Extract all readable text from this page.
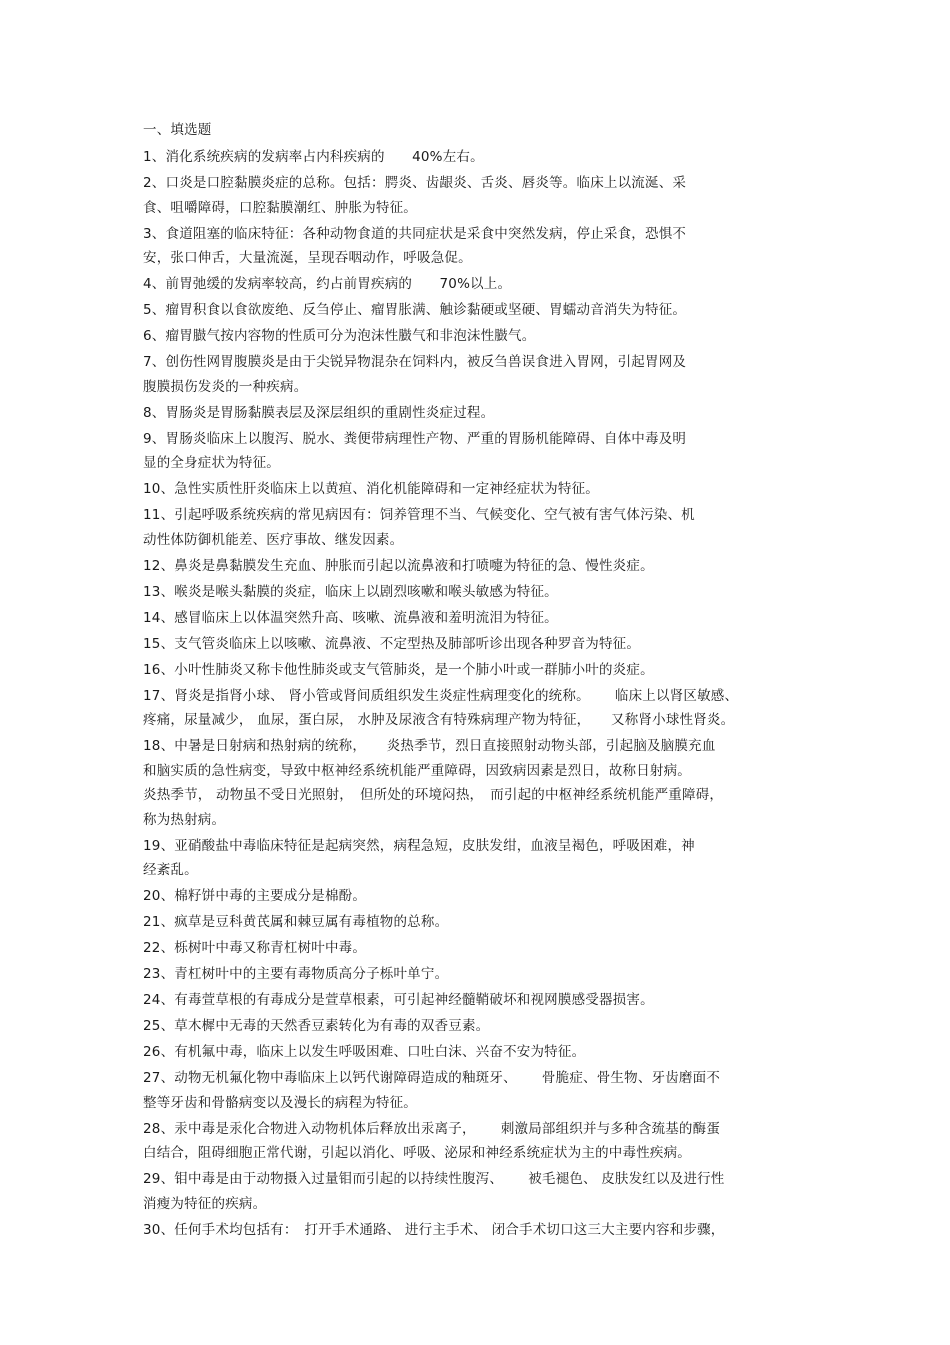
一、填选题
1、消化系统疾病的发病率占内科疾病的　　40%左右。
2、口炎是口腔黏膜炎症的总称。包括：腭炎、齿龈炎、舌炎、唇炎等。临床上以流涎、采
食、咀嚼障碍，口腔黏膜潮红、肿胀为特征。
3、食道阻塞的临床特征：各种动物食道的共同症状是采食中突然发病，停止采食，恐惧不
安，张口伸舌，大量流涎，呈现吞咽动作，呼吸急促。
4、前胃弛缓的发病率较高，约占前胃疾病的　　70%以上。
5、瘤胃积食以食欲废绝、反刍停止、瘤胃胀满、触诊黏硬或坚硬、胃蠕动音消失为特征。
6、瘤胃臌气按内容物的性质可分为泡沫性臌气和非泡沫性臌气。
7、创伤性网胃腹膜炎是由于尖锐异物混杂在饲料内，被反刍兽误食进入胃网，引起胃网及
腹膜损伤发炎的一种疾病。
8、胃肠炎是胃肠黏膜表层及深层组织的重剧性炎症过程。
9、胃肠炎临床上以腹泻、脱水、粪便带病理性产物、严重的胃肠机能障碍、自体中毒及明
显的全身症状为特征。
10、急性实质性肝炎临床上以黄疸、消化机能障碍和一定神经症状为特征。
11、引起呼吸系统疾病的常见病因有：饲养管理不当、气候变化、空气被有害气体污染、机
动性体防御机能差、医疗事故、继发因素。
12、鼻炎是鼻黏膜发生充血、肿胀而引起以流鼻液和打喷嚏为特征的急、慢性炎症。
13、喉炎是喉头黏膜的炎症，临床上以剧烈咳嗽和喉头敏感为特征。
14、感冒临床上以体温突然升高、咳嗽、流鼻液和羞明流泪为特征。
15、支气管炎临床上以咳嗽、流鼻液、不定型热及肺部听诊出现各种罗音为特征。
16、小叶性肺炎又称卡他性肺炎或支气管肺炎，是一个肺小叶或一群肺小叶的炎症。
17、肾炎是指肾小球、 肾小管或肾间质组织发生炎症性病理变化的统称。　　 临床上以肾区敏感、
疼痛，尿量减少， 血尿，蛋白尿， 水肿及尿液含有特殊病理产物为特征，　　又称肾小球性肾炎。
18、中暑是日射病和热射病的统称，　　炎热季节，烈日直接照射动物头部，引起脑及脑膜充血
和脑实质的急性病变，导致中枢神经系统机能严重障碍，因致病因素是烈日，故称日射病。
炎热季节， 动物虽不受日光照射，　但所处的环境闷热，　而引起的中枢神经系统机能严重障碍，
称为热射病。
19、亚硝酸盐中毒临床特征是起病突然，病程急短，皮肤发绀，血液呈褐色，呼吸困难，神
经紊乱。
20、棉籽饼中毒的主要成分是棉酚。
21、疯草是豆科黄芪属和棘豆属有毒植物的总称。
22、栎树叶中毒又称青杠树叶中毒。
23、青杠树叶中的主要有毒物质高分子栎叶单宁。
24、有毒萱草根的有毒成分是萱草根素，可引起神经髓鞘破坏和视网膜感受器损害。
25、草木樨中无毒的天然香豆素转化为有毒的双香豆素。
26、有机氟中毒，临床上以发生呼吸困难、口吐白沫、兴奋不安为特征。
27、动物无机氟化物中毒临床上以钙代谢障碍造成的釉斑牙、　　 骨脆症、骨生物、牙齿磨面不
整等牙齿和骨骼病变以及漫长的病程为特征。
28、汞中毒是汞化合物进入动物机体后释放出汞离子，　　 刺激局部组织并与多种含巯基的酶蛋
白结合，阻碍细胞正常代谢，引起以消化、呼吸、泌尿和神经系统症状为主的中毒性疾病。
29、钼中毒是由于动物摄入过量钼而引起的以持续性腹泻、　　 被毛褪色、 皮肤发红以及进行性
消瘦为特征的疾病。
30、任何手术均包括有：　打开手术通路、 进行主手术、 闭合手术切口这三大主要内容和步骤，
